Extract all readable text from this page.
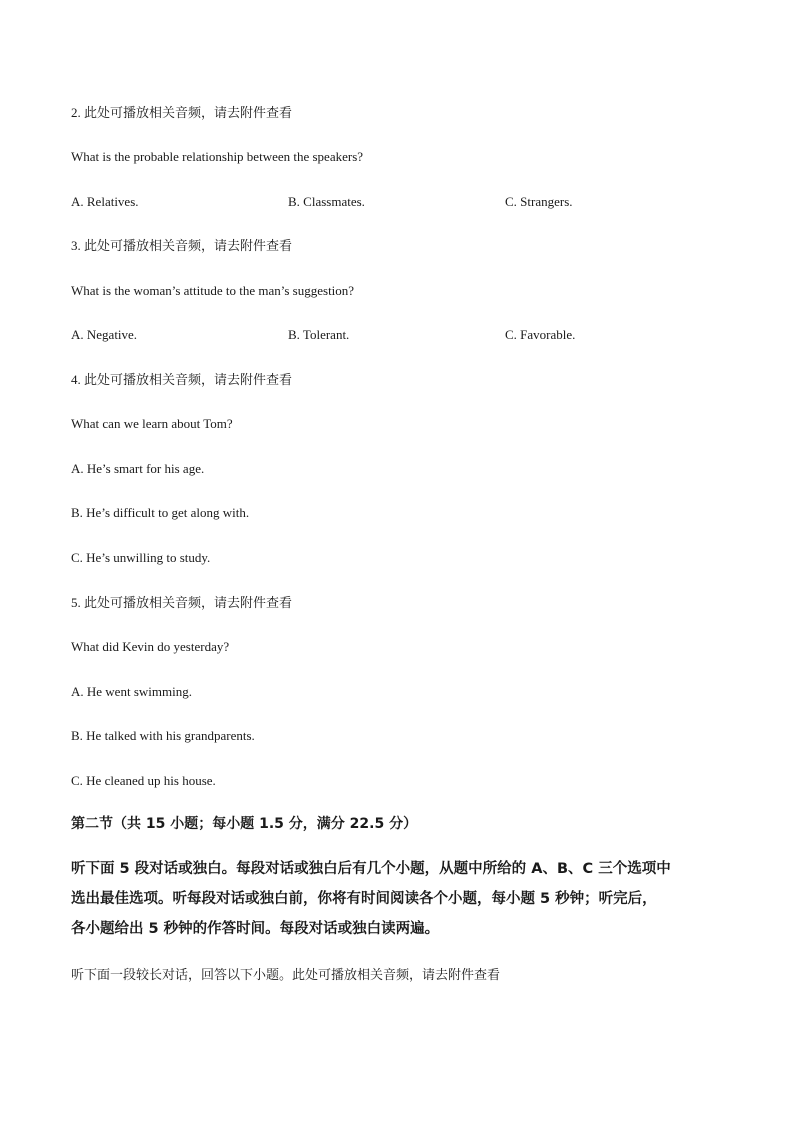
2. 此处可播放相关音频，请去附件查看
What is the probable relationship between the speakers?
A. Relatives.	B. Classmates.	C. Strangers.
3. 此处可播放相关音频，请去附件查看
What is the woman’s attitude to the man’s suggestion?
A. Negative.	B. Tolerant.	C. Favorable.
4. 此处可播放相关音频，请去附件查看
What can we learn about Tom?
A. He’s smart for his age.
B. He’s difficult to get along with.
C. He’s unwilling to study.
5. 此处可播放相关音频，请去附件查看
What did Kevin do yesterday?
A. He went swimming.
B. He talked with his grandparents.
C. He cleaned up his house.
第二节（共 15 小题；每小题 1.5 分，满分 22.5 分）
听下面 5 段对话或独白。每段对话或独白后有几个小题，从题中所给的 A、B、C 三个选项中
选出最佳选项。听每段对话或独白前，你将有时间阅读各个小题，每小题 5 秒钟；听完后，
各小题给出 5 秒钟的作答时间。每段对话或独白读两遍。
听下面一段较长对话，回答以下小题。此处可播放相关音频，请去附件查看
